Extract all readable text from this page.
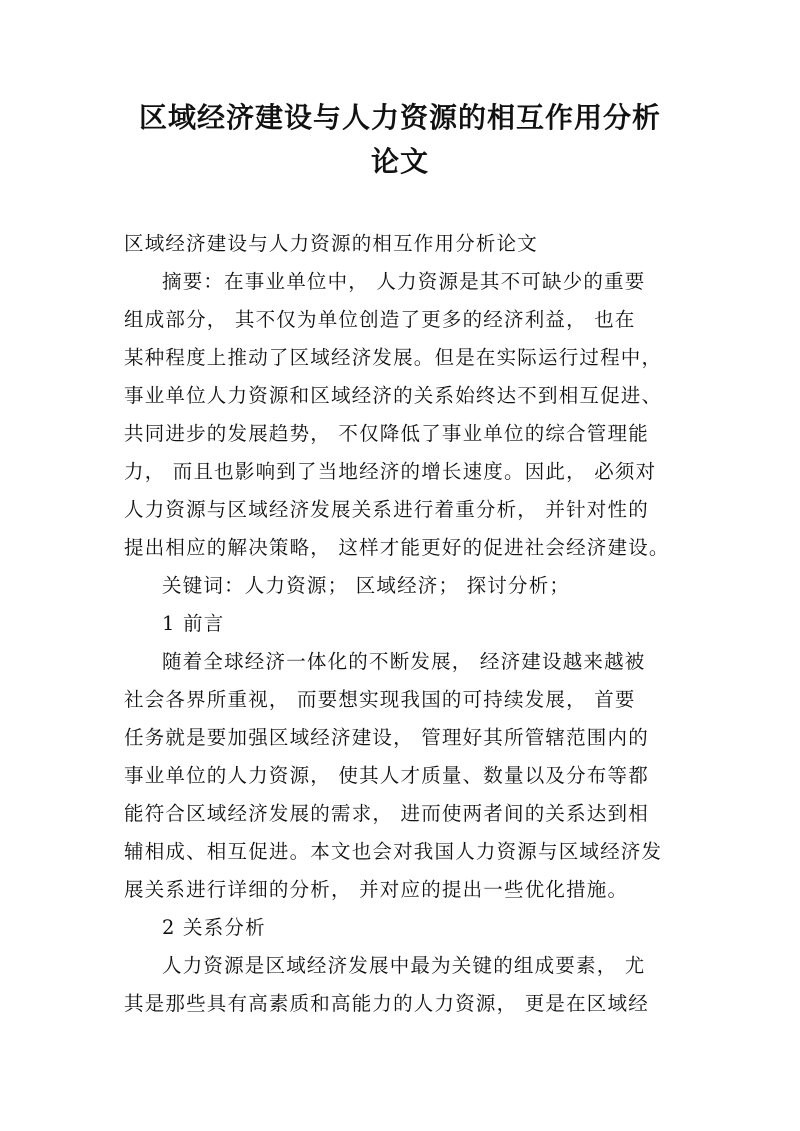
区域经济建设与人力资源的相互作用分析
论文
区域经济建设与人力资源的相互作用分析论文
摘要：在事业单位中， 人力资源是其不可缺少的重要
组成部分， 其不仅为单位创造了更多的经济利益， 也在
某种程度上推动了区域经济发展。但是在实际运行过程中，
事业单位人力资源和区域经济的关系始终达不到相互促进、
共同进步的发展趋势， 不仅降低了事业单位的综合管理能
力， 而且也影响到了当地经济的增长速度。因此， 必须对
人力资源与区域经济发展关系进行着重分析， 并针对性的
提出相应的解决策略， 这样才能更好的促进社会经济建设。
关键词：人力资源； 区域经济； 探讨分析；
1 前言
随着全球经济一体化的不断发展， 经济建设越来越被
社会各界所重视， 而要想实现我国的可持续发展， 首要
任务就是要加强区域经济建设， 管理好其所管辖范围内的
事业单位的人力资源， 使其人才质量、数量以及分布等都
能符合区域经济发展的需求， 进而使两者间的关系达到相
辅相成、相互促进。本文也会对我国人力资源与区域经济发
展关系进行详细的分析， 并对应的提出一些优化措施。
2 关系分析
人力资源是区域经济发展中最为关键的组成要素， 尤
其是那些具有高素质和高能力的人力资源， 更是在区域经
